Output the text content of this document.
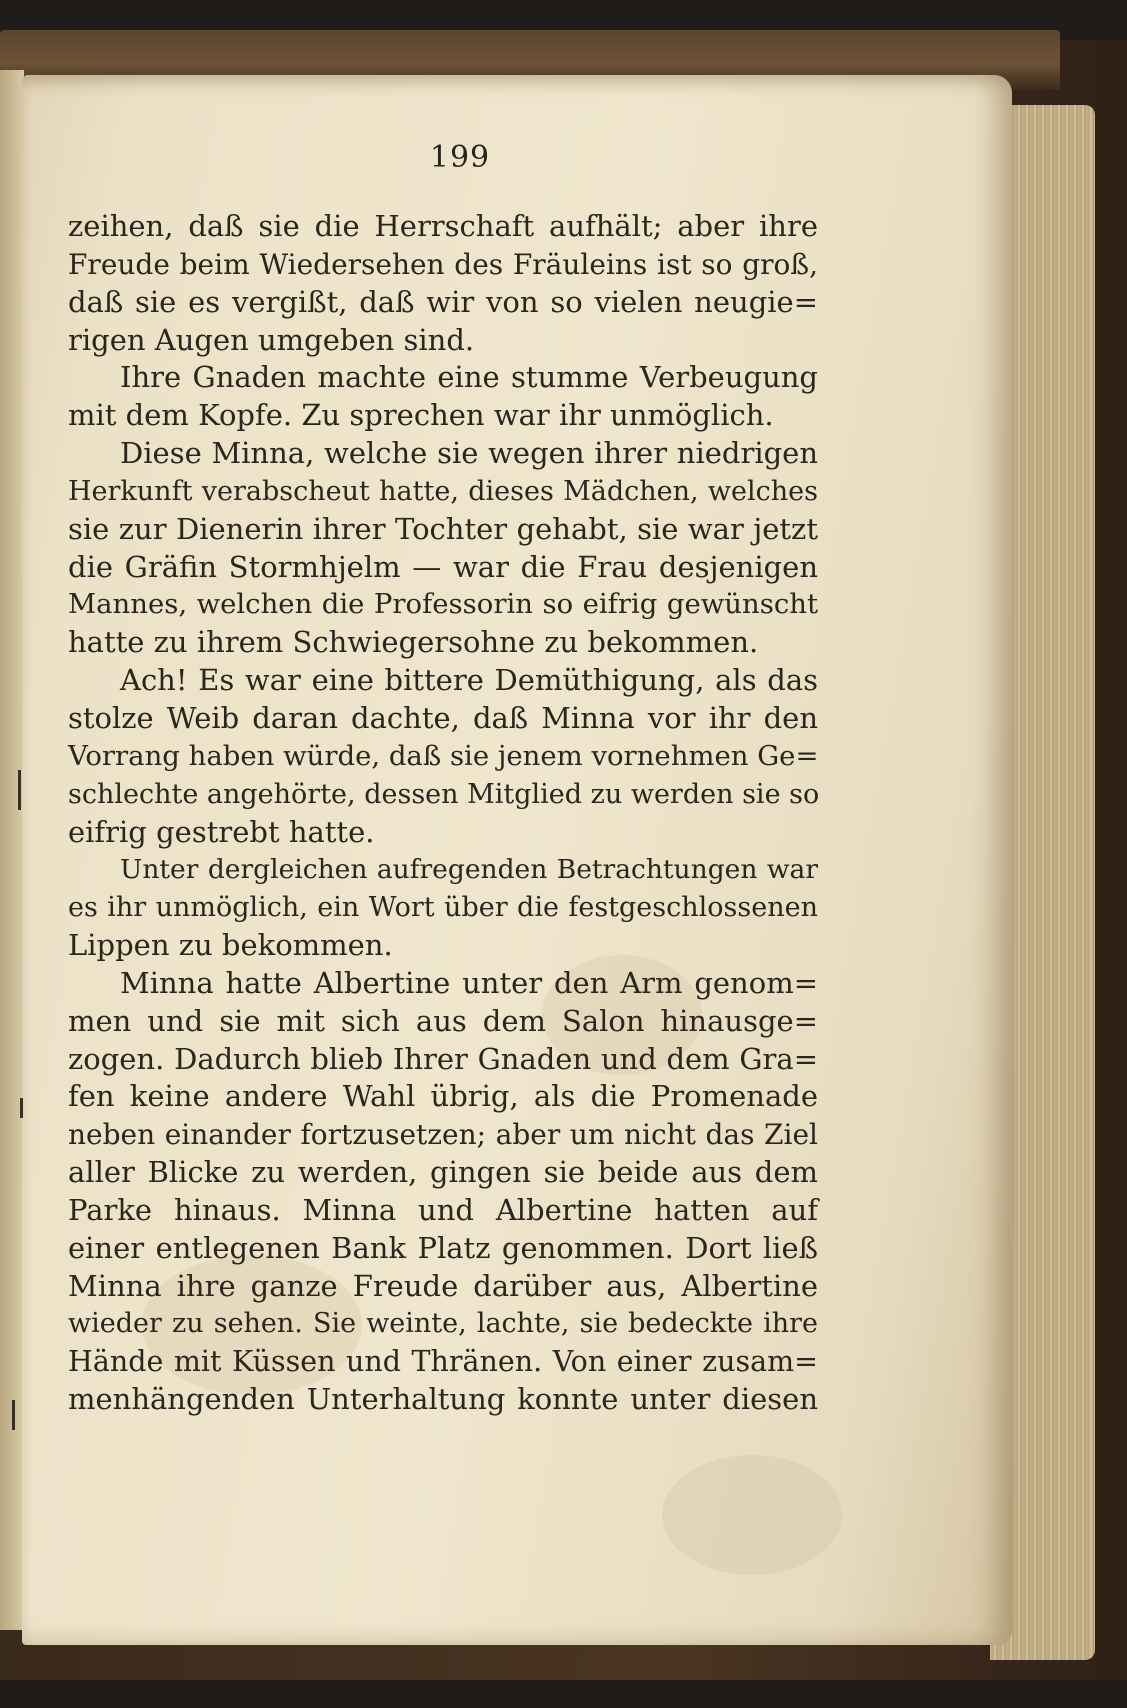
199
zeihen, daß sie die Herrschaft aufhält; aber ihre
Freude beim Wiedersehen des Fräuleins ist so groß,
daß sie es vergißt, daß wir von so vielen neugie=
rigen Augen umgeben sind.
Ihre Gnaden machte eine stumme Verbeugung
mit dem Kopfe. Zu sprechen war ihr unmöglich.
Diese Minna, welche sie wegen ihrer niedrigen
Herkunft verabscheut hatte, dieses Mädchen, welches
sie zur Dienerin ihrer Tochter gehabt, sie war jetzt
die Gräfin Stormhjelm — war die Frau desjenigen
Mannes, welchen die Professorin so eifrig gewünscht
hatte zu ihrem Schwiegersohne zu bekommen.
Ach! Es war eine bittere Demüthigung, als das
stolze Weib daran dachte, daß Minna vor ihr den
Vorrang haben würde, daß sie jenem vornehmen Ge=
schlechte angehörte, dessen Mitglied zu werden sie so
eifrig gestrebt hatte.
Unter dergleichen aufregenden Betrachtungen war
es ihr unmöglich, ein Wort über die festgeschlossenen
Lippen zu bekommen.
Minna hatte Albertine unter den Arm genom=
men und sie mit sich aus dem Salon hinausge=
zogen. Dadurch blieb Ihrer Gnaden und dem Gra=
fen keine andere Wahl übrig, als die Promenade
neben einander fortzusetzen; aber um nicht das Ziel
aller Blicke zu werden, gingen sie beide aus dem
Parke hinaus. Minna und Albertine hatten auf
einer entlegenen Bank Platz genommen. Dort ließ
Minna ihre ganze Freude darüber aus, Albertine
wieder zu sehen. Sie weinte, lachte, sie bedeckte ihre
Hände mit Küssen und Thränen. Von einer zusam=
menhängenden Unterhaltung konnte unter diesen
